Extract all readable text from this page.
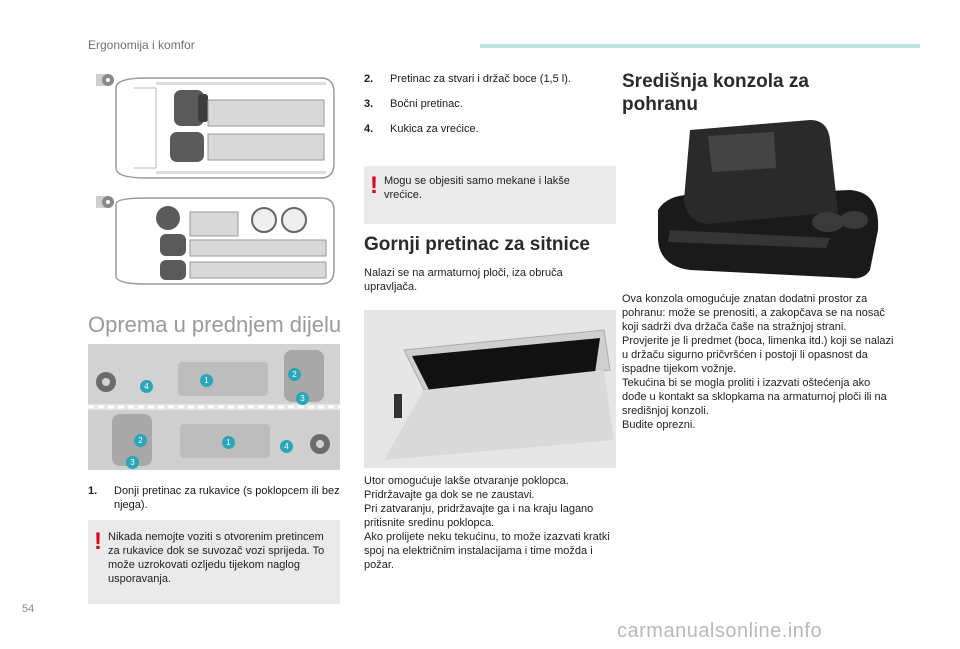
Ergonomija i komfor
Oprema u prednjem dijelu
1
2
3
4
1
2
3
4
1.	Donji pretinac za rukavice (s poklopcem ili bez njega).
! Nikada nemojte voziti s otvorenim pretincem za rukavice dok se suvozač vozi sprijeda. To može uzrokovati ozljedu tijekom naglog usporavanja.
2. Pretinac za stvari i držač boce (1,5 l).
3. Bočni pretinac.
4. Kukica za vrećice.
! Mogu se objesiti samo mekane i lakše vrećice.
Gornji pretinac za sitnice
Nalazi se na armaturnoj ploči, iza obruča upravljača.
Utor omogućuje lakše otvaranje poklopca.
Pridržavajte ga dok se ne zaustavi.
Pri zatvaranju, pridržavajte ga i na kraju lagano pritisnite sredinu poklopca.
Ako prolijete neku tekućinu, to može izazvati kratki spoj na električnim instalacijama i time možda i požar.
Središnja konzola za pohranu
Ova konzola omogućuje znatan dodatni prostor za pohranu: može se prenositi, a zakopčava se na nosač koji sadrži dva držača čaše na stražnjoj strani.
Provjerite je li predmet (boca, limenka itd.) koji se nalazi u držaču sigurno pričvršćen i postoji li opasnost da ispadne tijekom vožnje.
Tekućina bi se mogla proliti i izazvati oštećenja ako dođe u kontakt sa sklopkama na armaturnoj ploči ili na središnjoj konzoli.
Budite oprezni.
54
carmanualsonline.info
